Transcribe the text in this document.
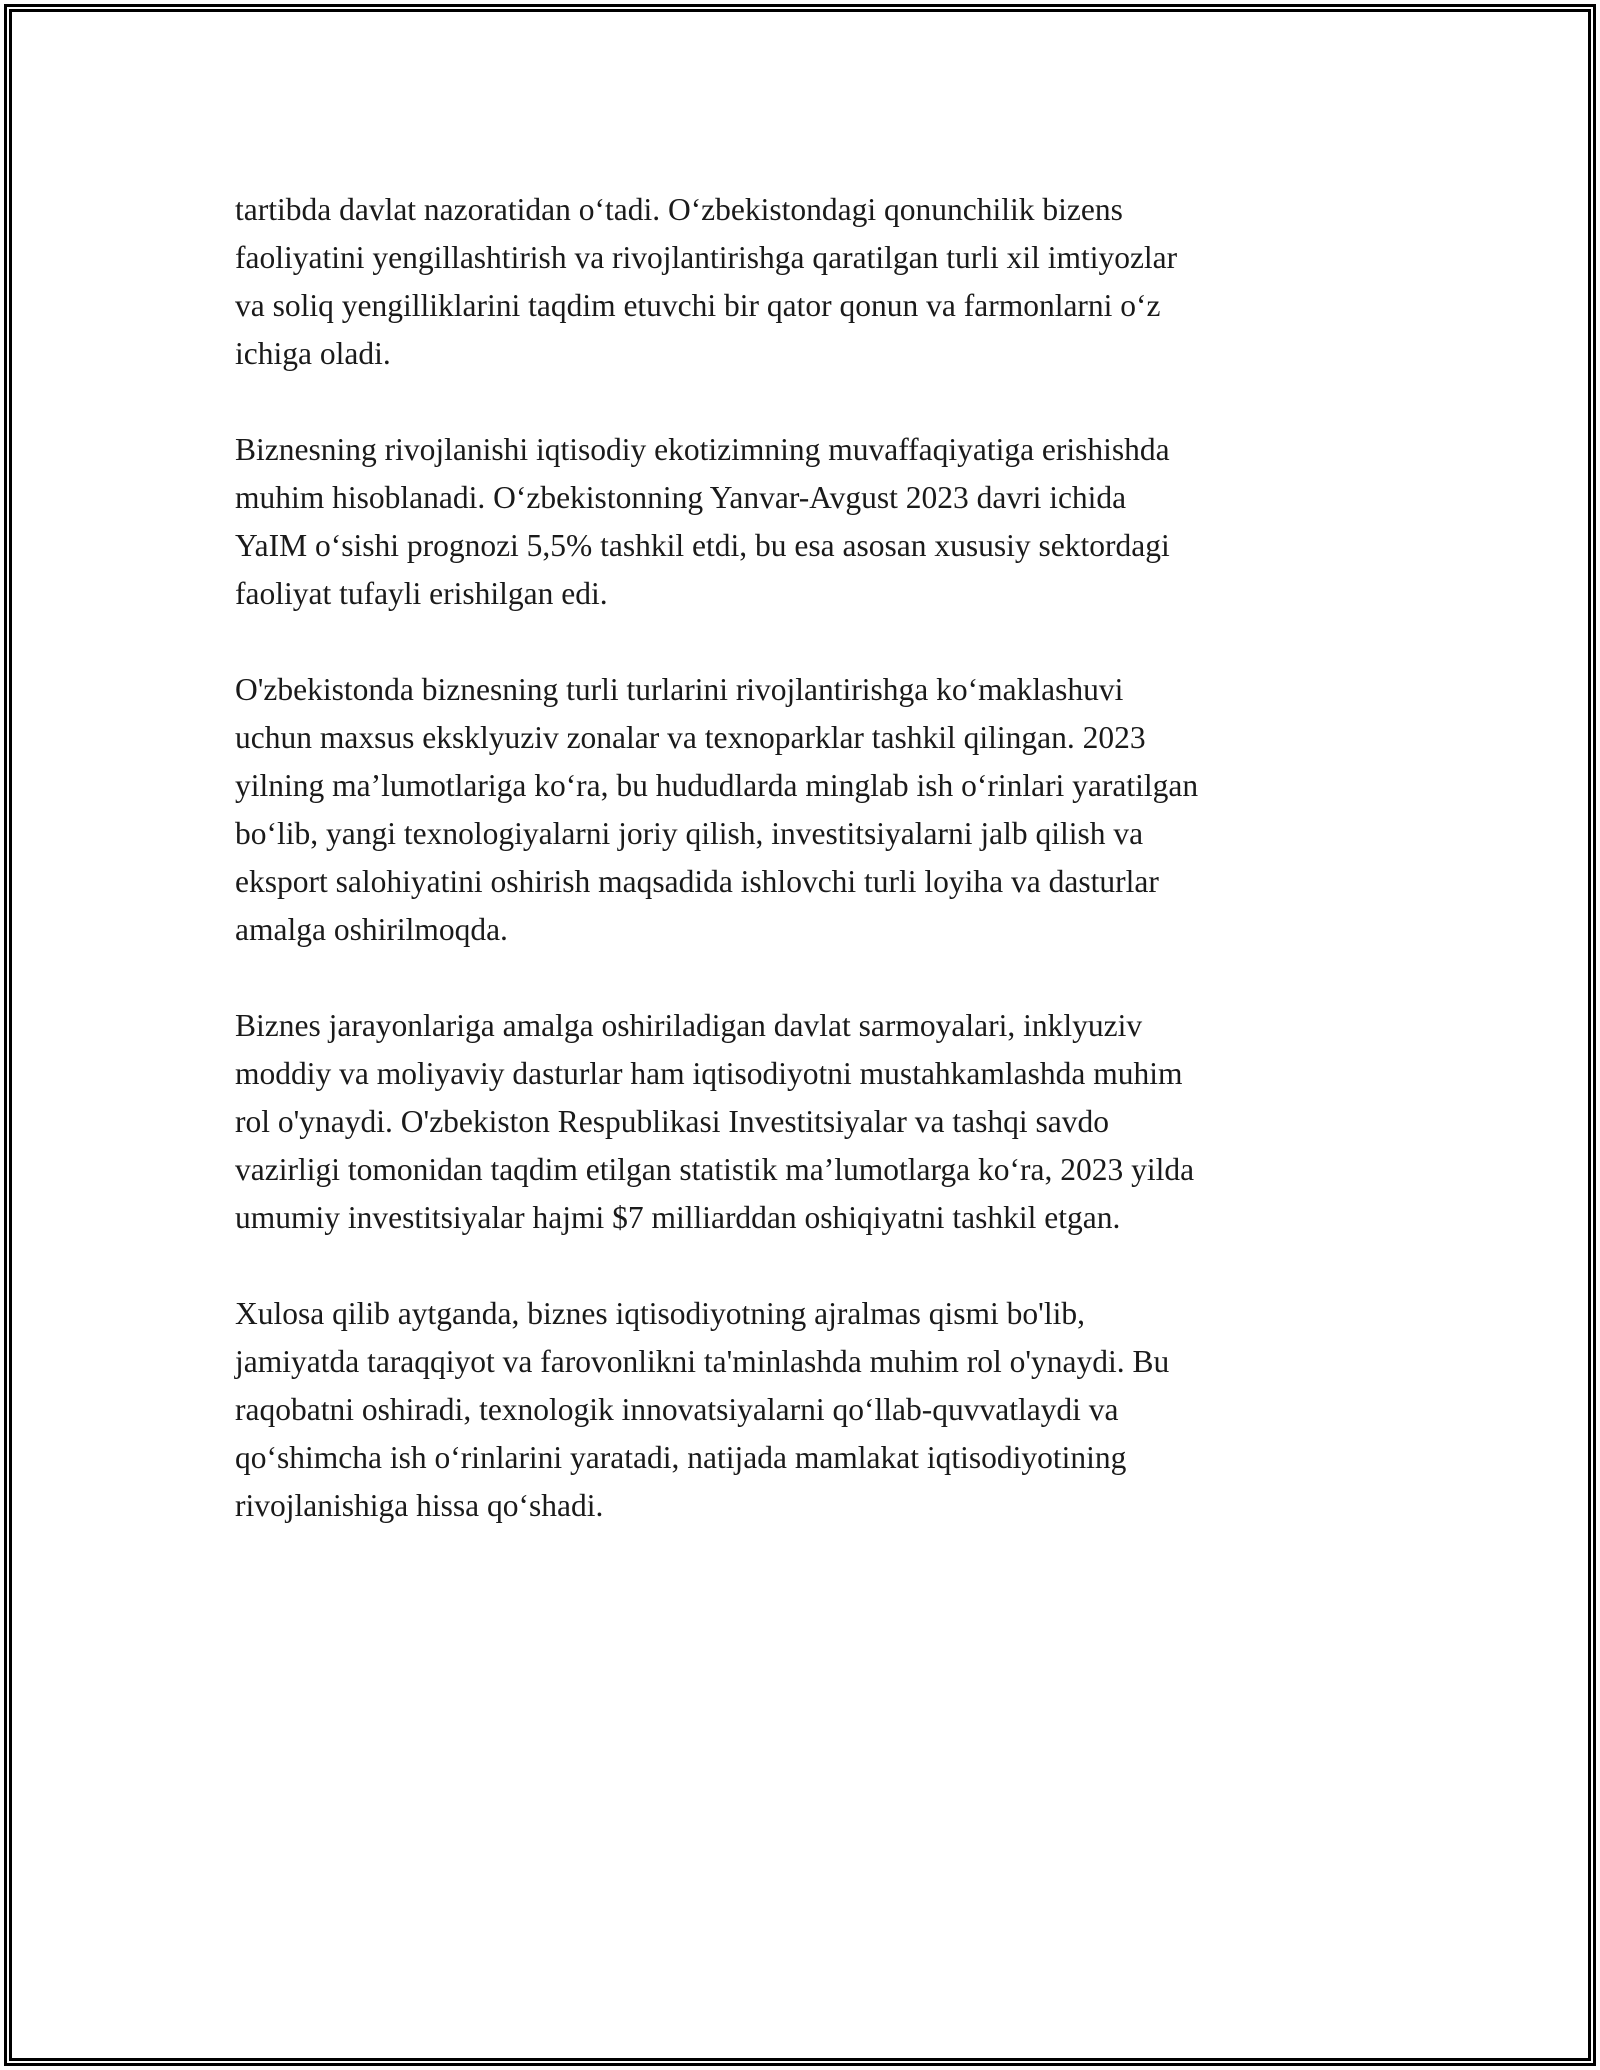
tartibda davlat nazoratidan o‘tadi. O‘zbekistondagi qonunchilik bizens
faoliyatini yengillashtirish va rivojlantirishga qaratilgan turli xil imtiyozlar
va soliq yengilliklarini taqdim etuvchi bir qator qonun va farmonlarni o‘z
ichiga oladi.

Biznesning rivojlanishi iqtisodiy ekotizimning muvaffaqiyatiga erishishda
muhim hisoblanadi. O‘zbekistonning Yanvar-Avgust 2023 davri ichida
YaIM o‘sishi prognozi 5,5% tashkil etdi, bu esa asosan xususiy sektordagi
faoliyat tufayli erishilgan edi.

O'zbekistonda biznesning turli turlarini rivojlantirishga ko‘maklashuvi
uchun maxsus eksklyuziv zonalar va texnoparklar tashkil qilingan. 2023
yilning ma’lumotlariga ko‘ra, bu hududlarda minglab ish o‘rinlari yaratilgan
bo‘lib, yangi texnologiyalarni joriy qilish, investitsiyalarni jalb qilish va
eksport salohiyatini oshirish maqsadida ishlovchi turli loyiha va dasturlar
amalga oshirilmoqda.

Biznes jarayonlariga amalga oshiriladigan davlat sarmoyalari, inklyuziv
moddiy va moliyaviy dasturlar ham iqtisodiyotni mustahkamlashda muhim
rol o'ynaydi. O'zbekiston Respublikasi Investitsiyalar va tashqi savdo
vazirligi tomonidan taqdim etilgan statistik ma’lumotlarga ko‘ra, 2023 yilda
umumiy investitsiyalar hajmi $7 milliarddan oshiqiyatni tashkil etgan.

Xulosa qilib aytganda, biznes iqtisodiyotning ajralmas qismi bo'lib,
jamiyatda taraqqiyot va farovonlikni ta'minlashda muhim rol o'ynaydi. Bu
raqobatni oshiradi, texnologik innovatsiyalarni qo‘llab-quvvatlaydi va
qo‘shimcha ish o‘rinlarini yaratadi, natijada mamlakat iqtisodiyotining
rivojlanishiga hissa qo‘shadi.
